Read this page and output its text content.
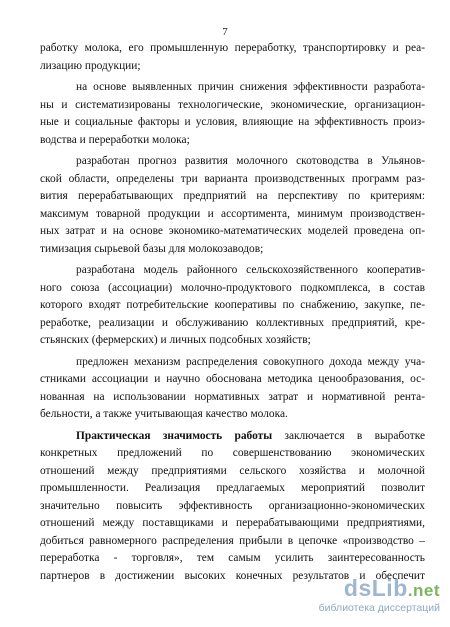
7
работку молока, его промышленную переработку, транспортировку и реа-
лизацию продукции;
на основе выявленных причин снижения эффективности разработа-
ны и систематизированы технологические, экономические, организацион-
ные и социальные факторы и условия, влияющие на эффективность произ-
водства и переработки молока;
разработан прогноз развития молочного скотоводства в Ульянов-
ской области, определены три варианта производственных программ раз-
вития перерабатывающих предприятий на перспективу по критериям:
максимум товарной продукции и ассортимента, минимум производствен-
ных затрат и на основе экономико-математических моделей проведена оп-
тимизация сырьевой базы для молокозаводов;
разработана модель районного сельскохозяйственного кооператив-
ного союза (ассоциации) молочно-продуктового подкомплекса, в состав
которого входят потребительские кооперативы по снабжению, закупке, пе-
реработке, реализации и обслуживанию коллективных предприятий, кре-
стьянских (фермерских) и личных подсобных хозяйств;
предложен механизм распределения совокупного дохода между уча-
стниками ассоциации и научно обоснована методика ценообразования, ос-
нованная на использовании нормативных затрат и нормативной рента-
бельности, а также учитывающая качество молока.
Практическая значимость работы заключается в выработке
конкретных предложений по совершенствованию экономических
отношений между предприятиями сельского хозяйства и молочной
промышленности. Реализация предлагаемых мероприятий позволит
значительно повысить эффективность организационно-экономических
отношений между поставщиками и перерабатывающими предприятиями,
добиться равномерного распределения прибыли в цепочке «производство –
переработка - торговля», тем самым усилить заинтересованность
партнеров в достижении высоких конечных результатов и обеспечит
dsLib.net
библиотека диссертаций
